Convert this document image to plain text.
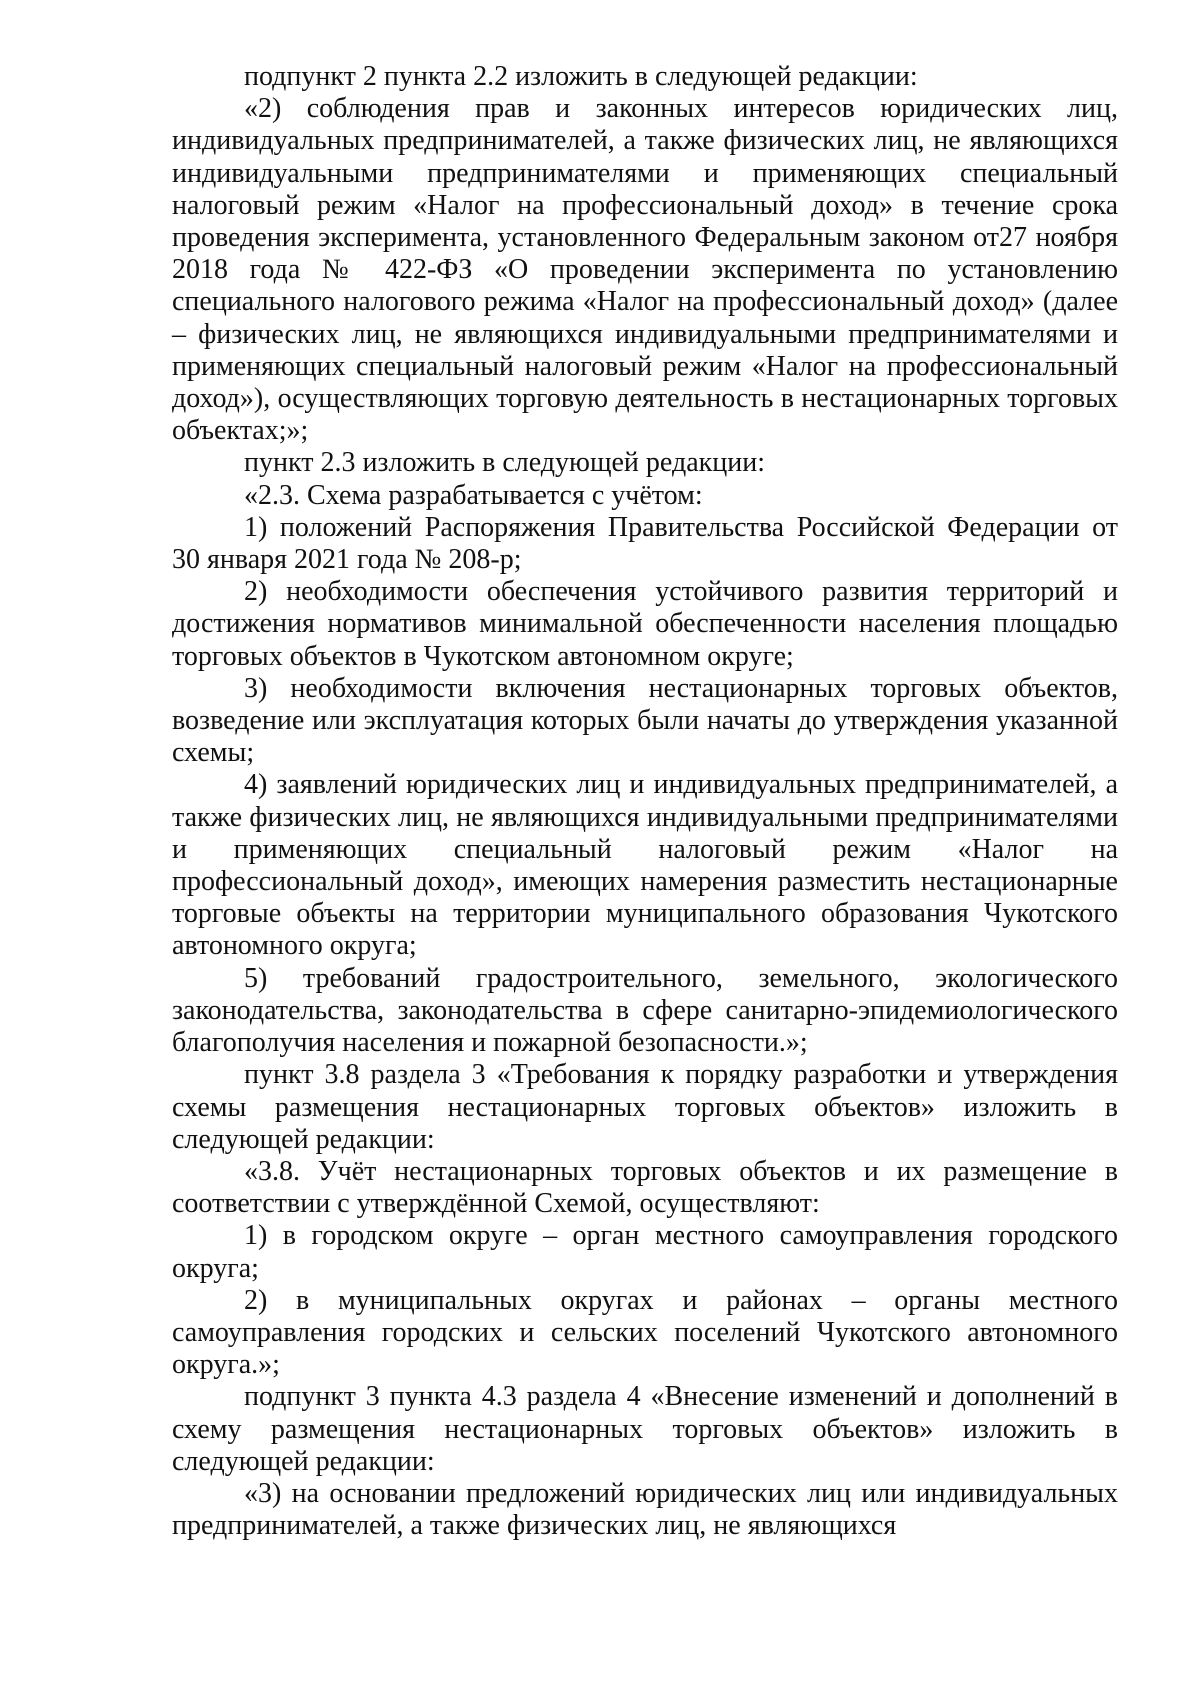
подпункт 2 пункта 2.2 изложить в следующей редакции:

«2) соблюдения прав и законных интересов юридических лиц, индивидуальных предпринимателей, а также физических лиц, не являющихся индивидуальными предпринимателями и применяющих специальный налоговый режим «Налог на профессиональный доход» в течение срока проведения эксперимента, установленного Федеральным законом от27 ноября 2018 года № 422-ФЗ «О проведении эксперимента по установлению специального налогового режима «Налог на профессиональный доход» (далее – физических лиц, не являющихся индивидуальными предпринимателями и применяющих специальный налоговый режим «Налог на профессиональный доход»), осуществляющих торговую деятельность в нестационарных торговых объектах;»;

пункт 2.3 изложить в следующей редакции:

«2.3. Схема разрабатывается с учётом:

1) положений Распоряжения Правительства Российской Федерации от 30 января 2021 года № 208-р;

2) необходимости обеспечения устойчивого развития территорий и достижения нормативов минимальной обеспеченности населения площадью торговых объектов в Чукотском автономном округе;

3) необходимости включения нестационарных торговых объектов, возведение или эксплуатация которых были начаты до утверждения указанной схемы;

4) заявлений юридических лиц и индивидуальных предпринимателей, а также физических лиц, не являющихся индивидуальными предпринимателями и применяющих специальный налоговый режим «Налог на профессиональный доход», имеющих намерения разместить нестационарные торговые объекты на территории муниципального образования Чукотского автономного округа;

5) требований градостроительного, земельного, экологического законодательства, законодательства в сфере санитарно-эпидемиологического благополучия населения и пожарной безопасности.»;

пункт 3.8 раздела 3 «Требования к порядку разработки и утверждения схемы размещения нестационарных торговых объектов» изложить в следующей редакции:

«3.8. Учёт нестационарных торговых объектов и их размещение в соответствии с утверждённой Схемой, осуществляют:

1) в городском округе – орган местного самоуправления городского округа;

2) в муниципальных округах и районах – органы местного самоуправления городских и сельских поселений Чукотского автономного округа.»;

подпункт 3 пункта 4.3 раздела 4 «Внесение изменений и дополнений в схему размещения нестационарных торговых объектов» изложить в следующей редакции:

«3) на основании предложений юридических лиц или индивидуальных предпринимателей, а также физических лиц, не являющихся
